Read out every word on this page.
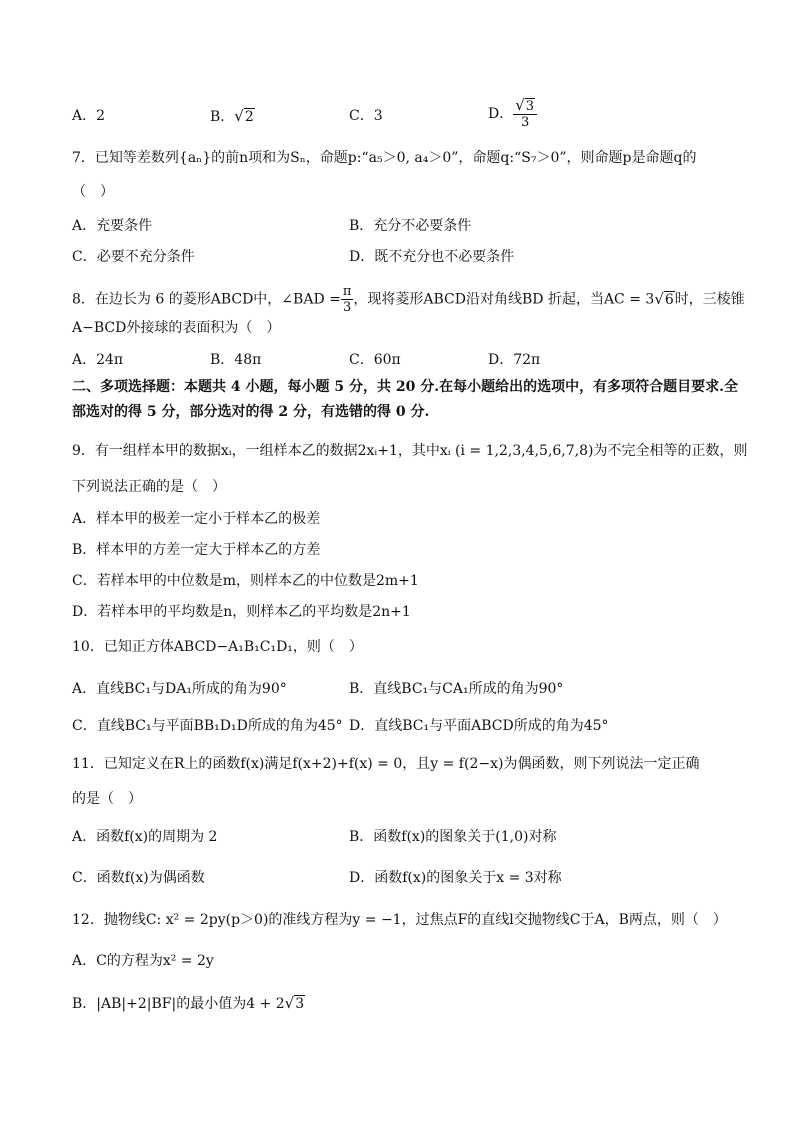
A．2	B．√2	C．3	D． $\frac{√3}{3}$
7．已知等差数列{aₙ}的前n项和为Sₙ，命题p:“a₅＞0, a₄＞0”，命题q:“S₇＞0”，则命题p是命题q的
（　）
A．充要条件	B．充分不必要条件
C．必要不充分条件	D．既不充分也不必要条件
8．在边长为 6 的菱形ABCD中，∠BAD = $\frac{\pi}{3}$ ，现将菱形ABCD沿对角线BD 折起，当AC = 3√6时，三棱锥
A−BCD外接球的表面积为（　）
A．24π	B．48π	C．60π	D．72π
二、多项选择题：本题共 4 小题，每小题 5 分，共 20 分.在每小题给出的选项中，有多项符合题目要求.全
部选对的得 5 分，部分选对的得 2 分，有选错的得 0 分.
9．有一组样本甲的数据xᵢ，一组样本乙的数据2xᵢ+1，其中xᵢ (i = 1,2,3,4,5,6,7,8)为不完全相等的正数，则
下列说法正确的是（　）
A．样本甲的极差一定小于样本乙的极差
B．样本甲的方差一定大于样本乙的方差
C．若样本甲的中位数是m，则样本乙的中位数是2m+1
D．若样本甲的平均数是n，则样本乙的平均数是2n+1
10．已知正方体ABCD−A₁B₁C₁D₁，则（　）
A．直线BC₁与DA₁所成的角为90°	B．直线BC₁与CA₁所成的角为90°
C．直线BC₁与平面BB₁D₁D所成的角为45° D．直线BC₁与平面ABCD所成的角为45°
11．已知定义在R上的函数f(x)满足f(x+2)+f(x) = 0，且y = f(2−x)为偶函数，则下列说法一定正确
的是（　）
A．函数f(x)的周期为 2	B．函数f(x)的图象关于(1,0)对称
C．函数f(x)为偶函数	D．函数f(x)的图象关于x = 3对称
12．抛物线C: x² = 2py(p＞0)的准线方程为y = −1，过焦点F的直线l交抛物线C于A，B两点，则（　）
A．C的方程为x² = 2y
B．|AB|+2|BF|的最小值为4 + 2√3
